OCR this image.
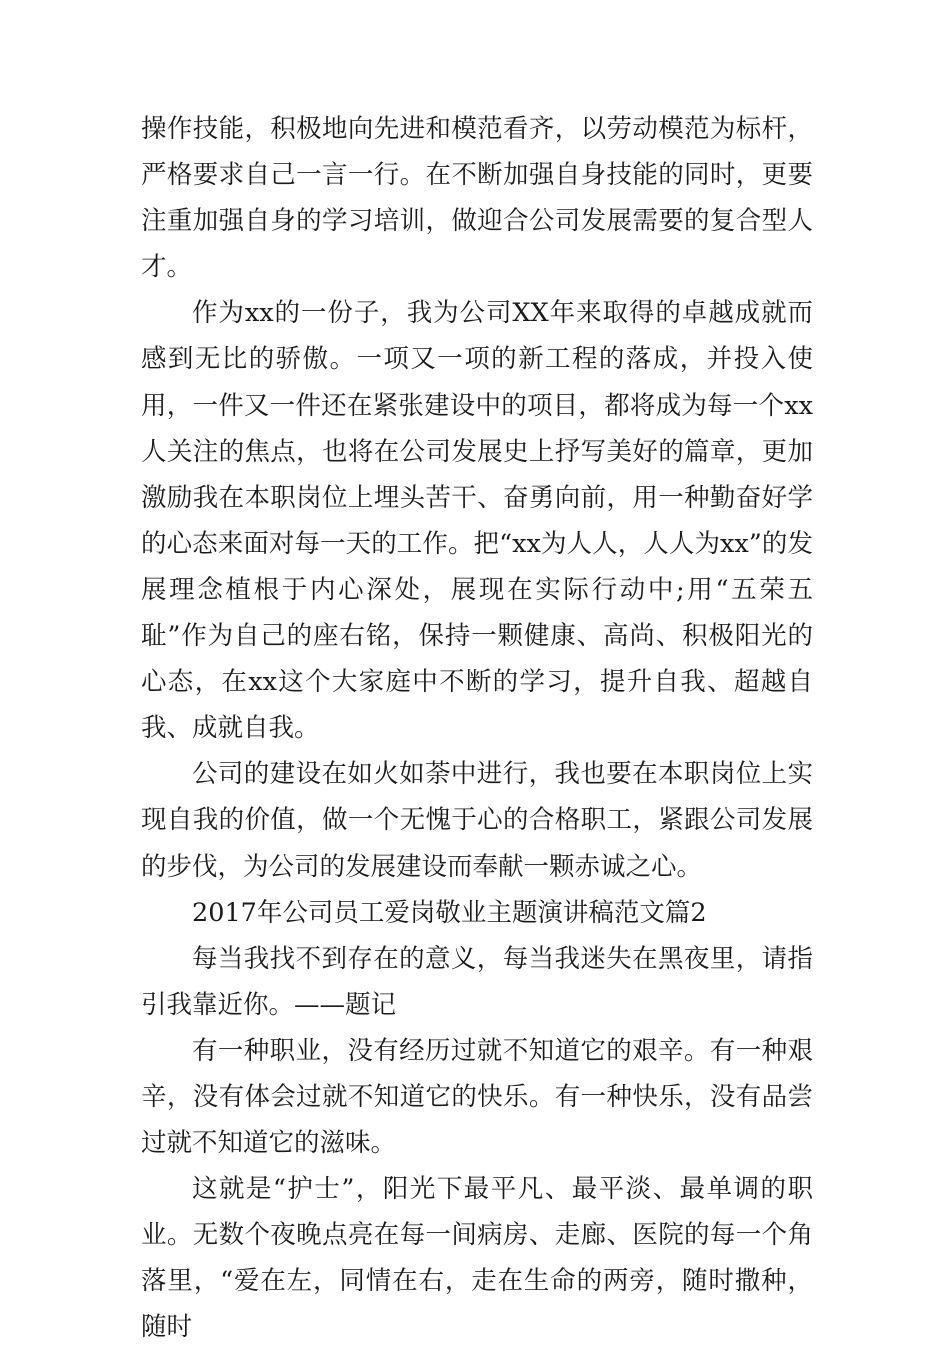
操作技能，积极地向先进和模范看齐，以劳动模范为标杆，严格要求自己一言一行。在不断加强自身技能的同时，更要注重加强自身的学习培训，做迎合公司发展需要的复合型人才。

作为xx的一份子，我为公司XX年来取得的卓越成就而感到无比的骄傲。一项又一项的新工程的落成，并投入使用，一件又一件还在紧张建设中的项目，都将成为每一个xx人关注的焦点，也将在公司发展史上抒写美好的篇章，更加激励我在本职岗位上埋头苦干、奋勇向前，用一种勤奋好学的心态来面对每一天的工作。把“xx为人人，人人为xx”的发展理念植根于内心深处，展现在实际行动中;用“五荣五耻”作为自己的座右铭，保持一颗健康、高尚、积极阳光的心态，在xx这个大家庭中不断的学习，提升自我、超越自我、成就自我。

公司的建设在如火如荼中进行，我也要在本职岗位上实现自我的价值，做一个无愧于心的合格职工，紧跟公司发展的步伐，为公司的发展建设而奉献一颗赤诚之心。

2017年公司员工爱岗敬业主题演讲稿范文篇2

每当我找不到存在的意义，每当我迷失在黑夜里，请指引我靠近你。——题记

有一种职业，没有经历过就不知道它的艰辛。有一种艰辛，没有体会过就不知道它的快乐。有一种快乐，没有品尝过就不知道它的滋味。

这就是“护士”，阳光下最平凡、最平淡、最单调的职业。无数个夜晚点亮在每一间病房、走廊、医院的每一个角落里，“爱在左，同情在右，走在生命的两旁，随时撒种，随时
